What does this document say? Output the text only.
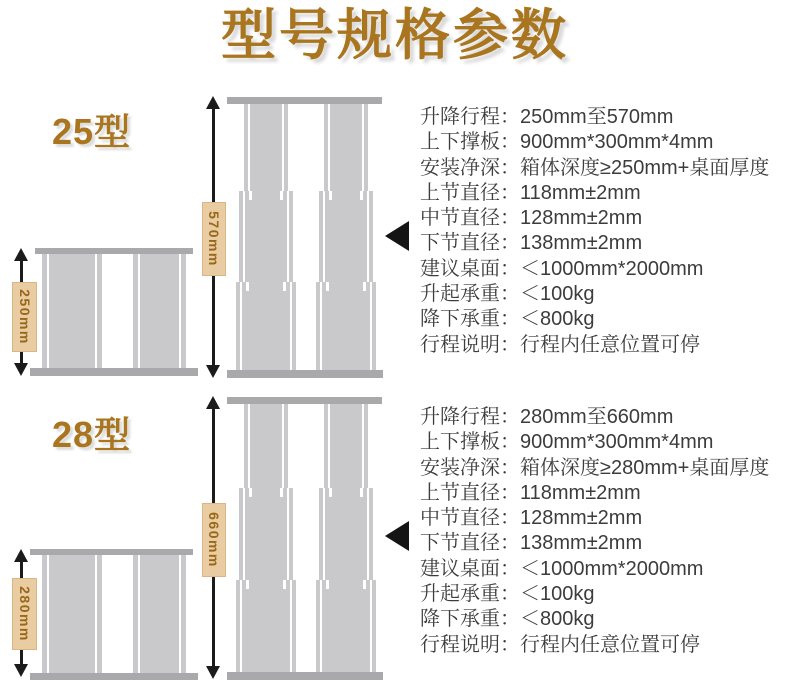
型号规格参数
25型
570mm
250mm
升降行程：250mm至570mm
上下撑板：900mm*300mm*4mm
安装净深：箱体深度≥250mm+桌面厚度
上节直径：118mm±2mm
中节直径：128mm±2mm
下节直径：138mm±2mm
建议桌面：＜1000mm*2000mm
升起承重：＜100kg
降下承重：＜800kg
行程说明：行程内任意位置可停
28型
660mm
280mm
升降行程：280mm至660mm
上下撑板：900mm*300mm*4mm
安装净深：箱体深度≥280mm+桌面厚度
上节直径：118mm±2mm
中节直径：128mm±2mm
下节直径：138mm±2mm
建议桌面：＜1000mm*2000mm
升起承重：＜100kg
降下承重：＜800kg
行程说明：行程内任意位置可停
